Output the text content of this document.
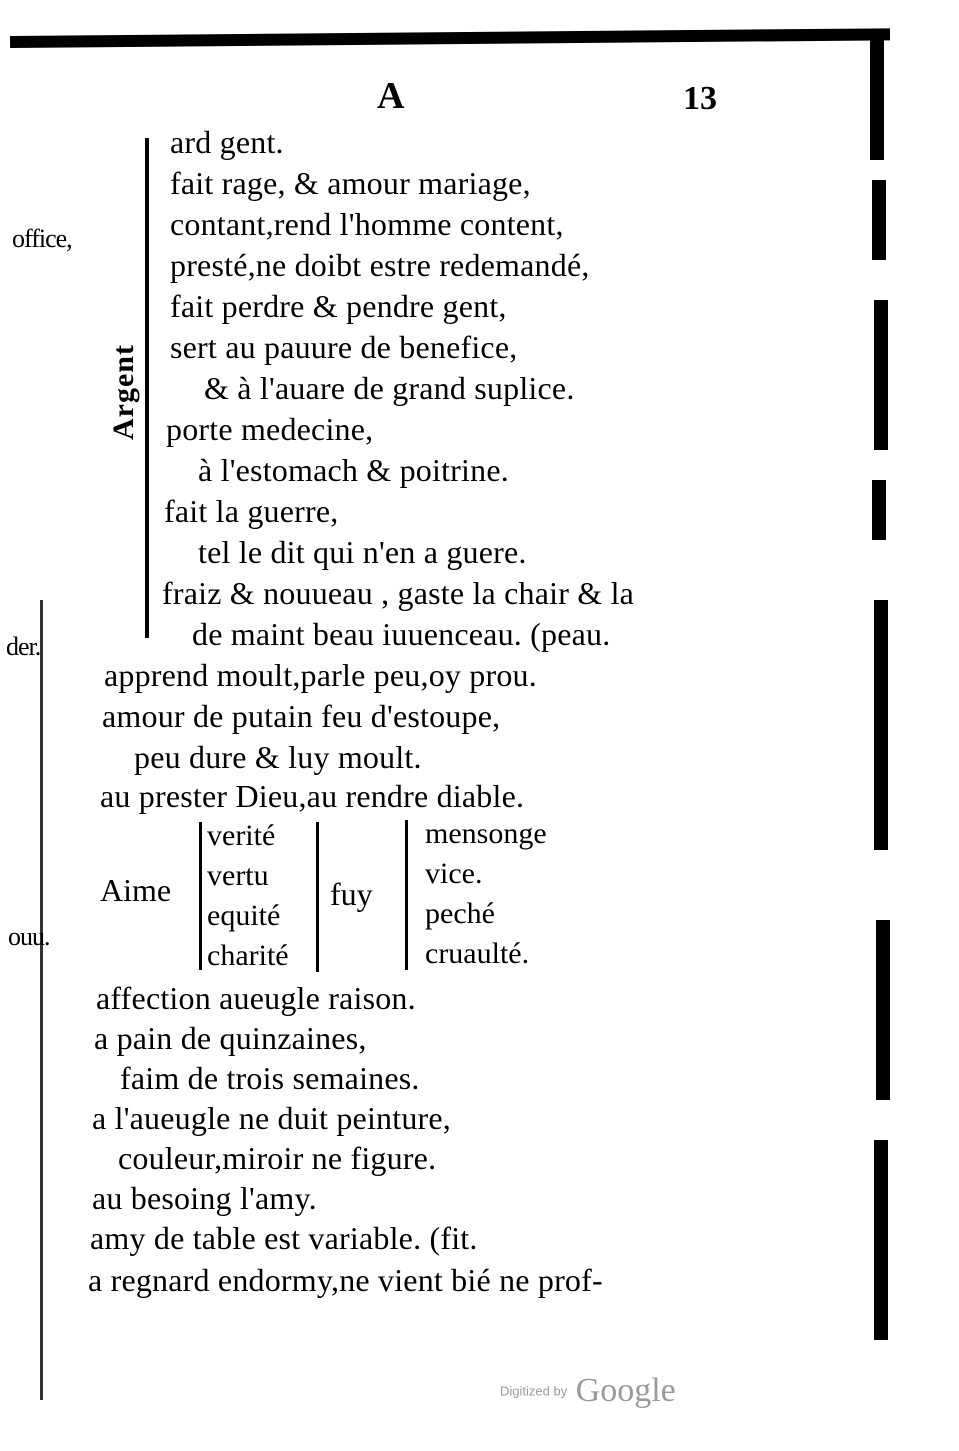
A	13
office,
der.
ouu.
Argent
ard gent.
fait rage, & amour mariage,
contant,rend l'homme content,
presté,ne doibt estre redemandé,
fait perdre & pendre gent,
sert au pauure de benefice,
& à l'auare de grand suplice.
porte medecine,
à l'estomach & poitrine.
fait la guerre,
tel le dit qui n'en a guere.
fraiz & nouueau , gaste la chair & la
de maint beau iuuenceau. (peau.
apprend moult,parle peu,oy prou.
amour de putain feu d'estoupe,
peu dure & luy moult.
au prester Dieu,au rendre diable.
Aime
verité
vertu
equité
charité
fuy
mensonge
vice.
peché
cruaulté.
affection aueugle raison.
a pain de quinzaines,
faim de trois semaines.
a l'aueugle ne duit peinture,
couleur,miroir ne figure.
au besoing l'amy.
amy de table est variable. (fit.
a regnard endormy,ne vient bié ne prof-
Digitized by Google
